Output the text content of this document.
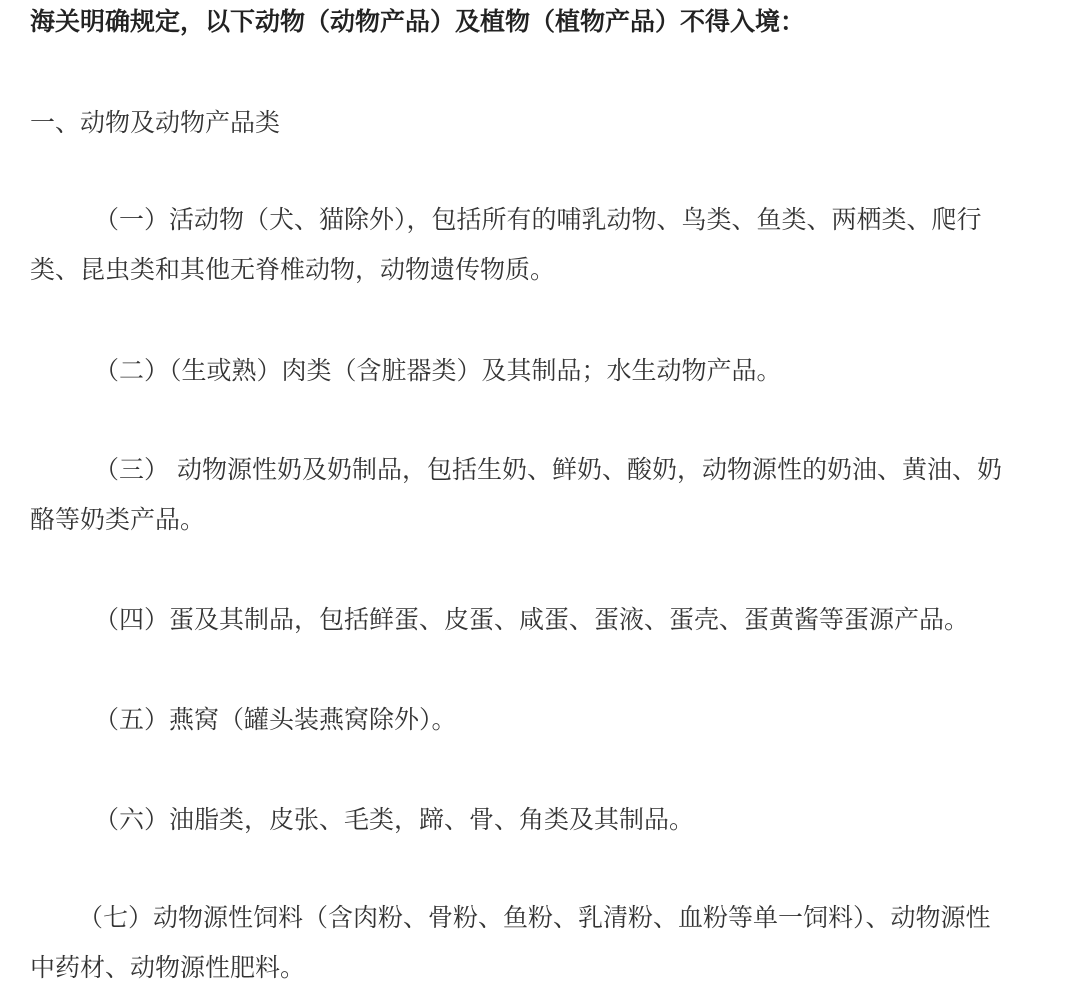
海关明确规定，以下动物（动物产品）及植物（植物产品）不得入境：

一、动物及动物产品类

（一）活动物（犬、猫除外），包括所有的哺乳动物、鸟类、鱼类、两栖类、爬行类、昆虫类和其他无脊椎动物，动物遗传物质。

（二）（生或熟）肉类（含脏器类）及其制品；水生动物产品。

（三） 动物源性奶及奶制品，包括生奶、鲜奶、酸奶，动物源性的奶油、黄油、奶酪等奶类产品。

（四）蛋及其制品，包括鲜蛋、皮蛋、咸蛋、蛋液、蛋壳、蛋黄酱等蛋源产品。

（五）燕窝（罐头装燕窝除外）。

（六）油脂类，皮张、毛类，蹄、骨、角类及其制品。

（七）动物源性饲料（含肉粉、骨粉、鱼粉、乳清粉、血粉等单一饲料）、动物源性中药材、动物源性肥料。
